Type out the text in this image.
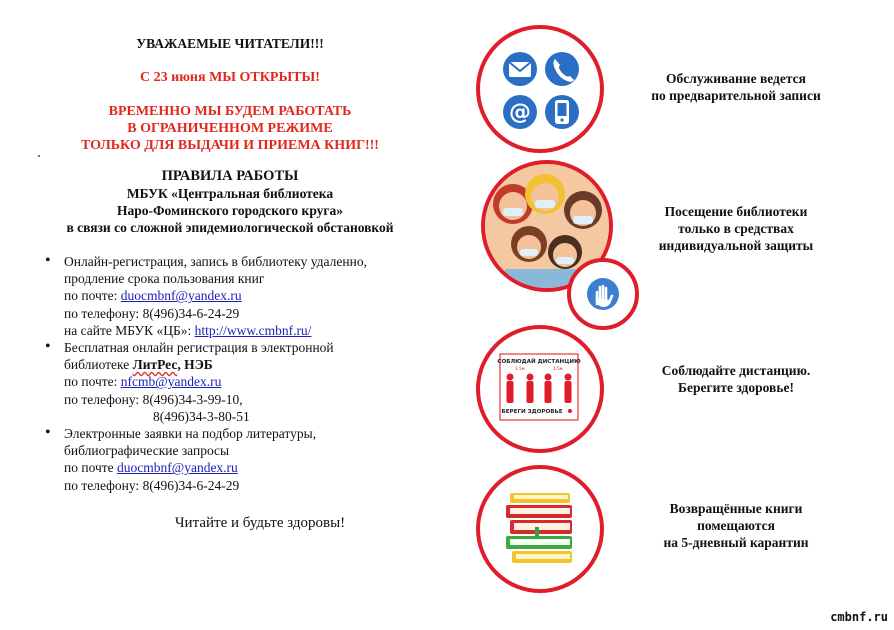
УВАЖАЕМЫЕ ЧИТАТЕЛИ!!!
С 23 июня МЫ ОТКРЫТЫ!
ВРЕМЕННО МЫ БУДЕМ РАБОТАТЬ
В ОГРАНИЧЕННОМ РЕЖИМЕ
ТОЛЬКО ДЛЯ ВЫДАЧИ И ПРИЕМА КНИГ!!!
ПРАВИЛА РАБОТЫ
МБУК «Центральная библиотека
Наро-Фоминского городского круга»
в связи со сложной эпидемиологической обстановкой
• Онлайн-регистрация, запись в библиотеку удаленно,
продление срока пользования книг
по почте: duocmbnf@yandex.ru
по телефону: 8(496)34-6-24-29
на сайте МБУК «ЦБ»: http://www.cmbnf.ru/
• Бесплатная онлайн регистрация в электронной
библиотеке ЛитРес, НЭБ
по почте: nfcmb@yandex.ru
по телефону: 8(496)34-3-99-10,
8(496)34-3-80-51
• Электронные заявки на подбор литературы,
библиографические запросы
по почте duocmbnf@yandex.ru
по телефону: 8(496)34-6-24-29
Читайте и будьте здоровы!
@
СОБЛЮДАЙ ДИСТАНЦИЮ
1.5м	1.5м
БЕРЕГИ ЗДОРОВЬЕ
Обслуживание ведется
по предварительной записи
Посещение библиотеки
только в средствах
индивидуальной защиты
Соблюдайте дистанцию.
Берегите здоровье!
Возвращённые книги
помещаются
на 5-дневный карантин
cmbnf.ru
